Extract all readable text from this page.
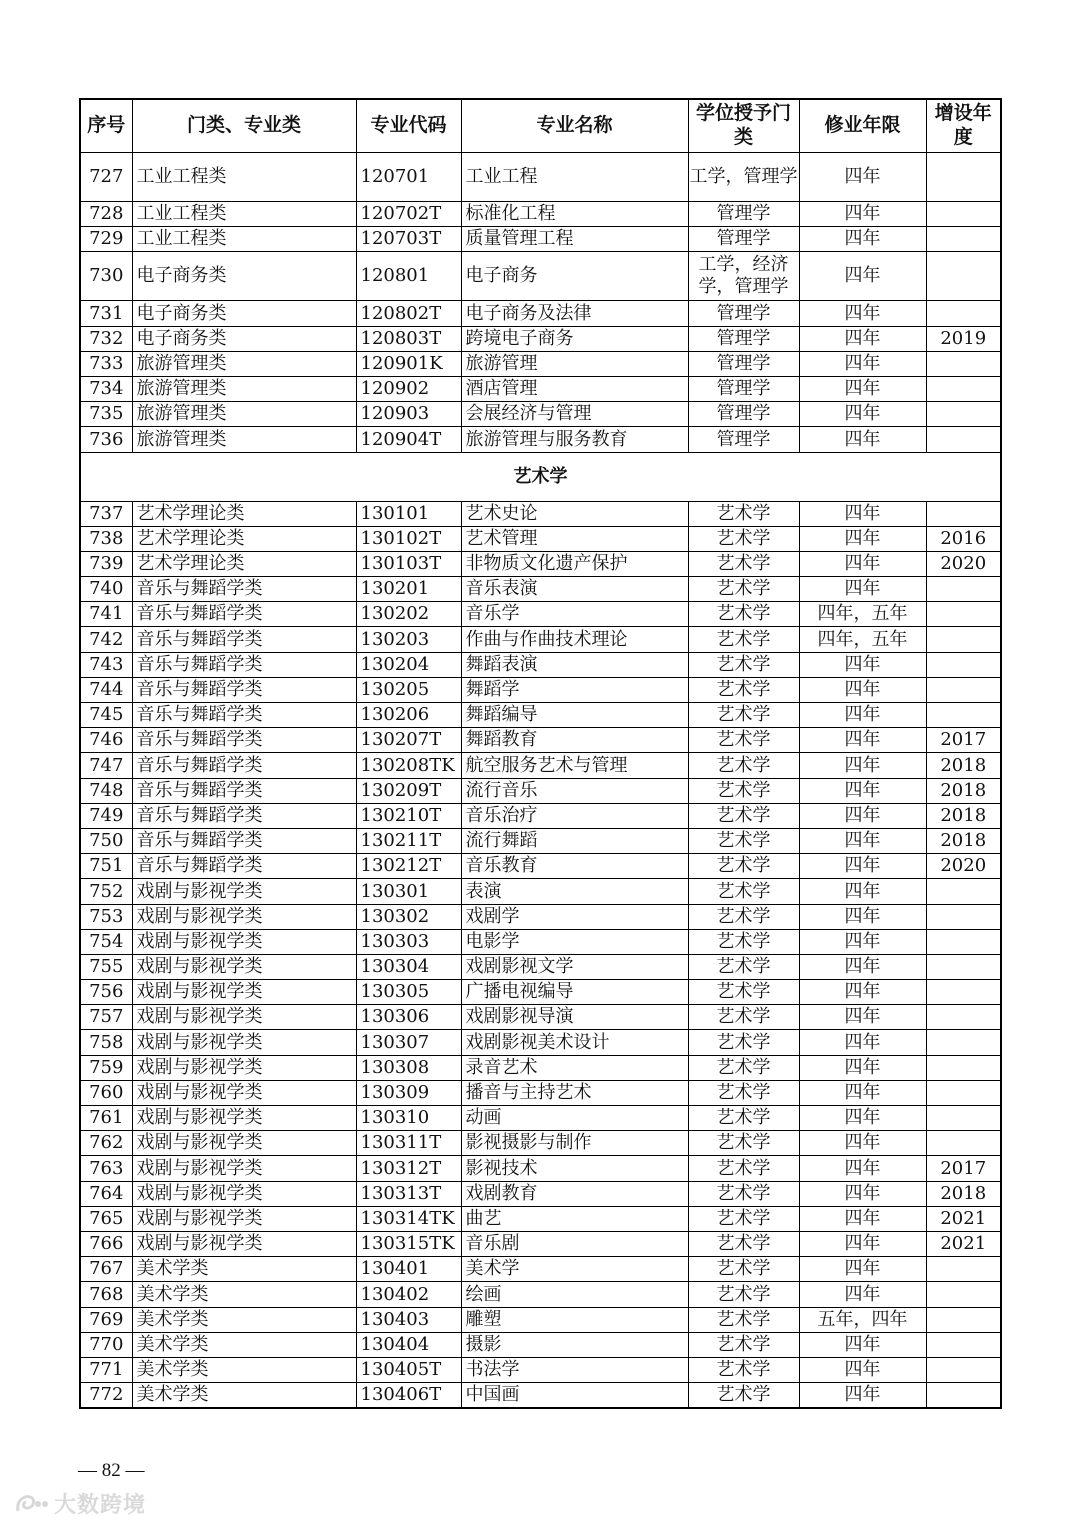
序号	门类、专业类	专业代码	专业名称	学位授予门类	修业年限	增设年度
727	工业工程类	120701	工业工程	工学，管理学	四年	
728	工业工程类	120702T	标准化工程	管理学	四年	
729	工业工程类	120703T	质量管理工程	管理学	四年	
730	电子商务类	120801	电子商务	工学，经济学，管理学	四年	
731	电子商务类	120802T	电子商务及法律	管理学	四年	
732	电子商务类	120803T	跨境电子商务	管理学	四年	2019
733	旅游管理类	120901K	旅游管理	管理学	四年	
734	旅游管理类	120902	酒店管理	管理学	四年	
735	旅游管理类	120903	会展经济与管理	管理学	四年	
736	旅游管理类	120904T	旅游管理与服务教育	管理学	四年	
艺术学						
737	艺术学理论类	130101	艺术史论	艺术学	四年	
738	艺术学理论类	130102T	艺术管理	艺术学	四年	2016
739	艺术学理论类	130103T	非物质文化遗产保护	艺术学	四年	2020
740	音乐与舞蹈学类	130201	音乐表演	艺术学	四年	
741	音乐与舞蹈学类	130202	音乐学	艺术学	四年，五年	
742	音乐与舞蹈学类	130203	作曲与作曲技术理论	艺术学	四年，五年	
743	音乐与舞蹈学类	130204	舞蹈表演	艺术学	四年	
744	音乐与舞蹈学类	130205	舞蹈学	艺术学	四年	
745	音乐与舞蹈学类	130206	舞蹈编导	艺术学	四年	
746	音乐与舞蹈学类	130207T	舞蹈教育	艺术学	四年	2017
747	音乐与舞蹈学类	130208TK	航空服务艺术与管理	艺术学	四年	2018
748	音乐与舞蹈学类	130209T	流行音乐	艺术学	四年	2018
749	音乐与舞蹈学类	130210T	音乐治疗	艺术学	四年	2018
750	音乐与舞蹈学类	130211T	流行舞蹈	艺术学	四年	2018
751	音乐与舞蹈学类	130212T	音乐教育	艺术学	四年	2020
752	戏剧与影视学类	130301	表演	艺术学	四年	
753	戏剧与影视学类	130302	戏剧学	艺术学	四年	
754	戏剧与影视学类	130303	电影学	艺术学	四年	
755	戏剧与影视学类	130304	戏剧影视文学	艺术学	四年	
756	戏剧与影视学类	130305	广播电视编导	艺术学	四年	
757	戏剧与影视学类	130306	戏剧影视导演	艺术学	四年	
758	戏剧与影视学类	130307	戏剧影视美术设计	艺术学	四年	
759	戏剧与影视学类	130308	录音艺术	艺术学	四年	
760	戏剧与影视学类	130309	播音与主持艺术	艺术学	四年	
761	戏剧与影视学类	130310	动画	艺术学	四年	
762	戏剧与影视学类	130311T	影视摄影与制作	艺术学	四年	
763	戏剧与影视学类	130312T	影视技术	艺术学	四年	2017
764	戏剧与影视学类	130313T	戏剧教育	艺术学	四年	2018
765	戏剧与影视学类	130314TK	曲艺	艺术学	四年	2021
766	戏剧与影视学类	130315TK	音乐剧	艺术学	四年	2021
767	美术学类	130401	美术学	艺术学	四年	
768	美术学类	130402	绘画	艺术学	四年	
769	美术学类	130403	雕塑	艺术学	五年，四年	
770	美术学类	130404	摄影	艺术学	四年	
771	美术学类	130405T	书法学	艺术学	四年	
772	美术学类	130406T	中国画	艺术学	四年	
— 82 —
大数跨境
